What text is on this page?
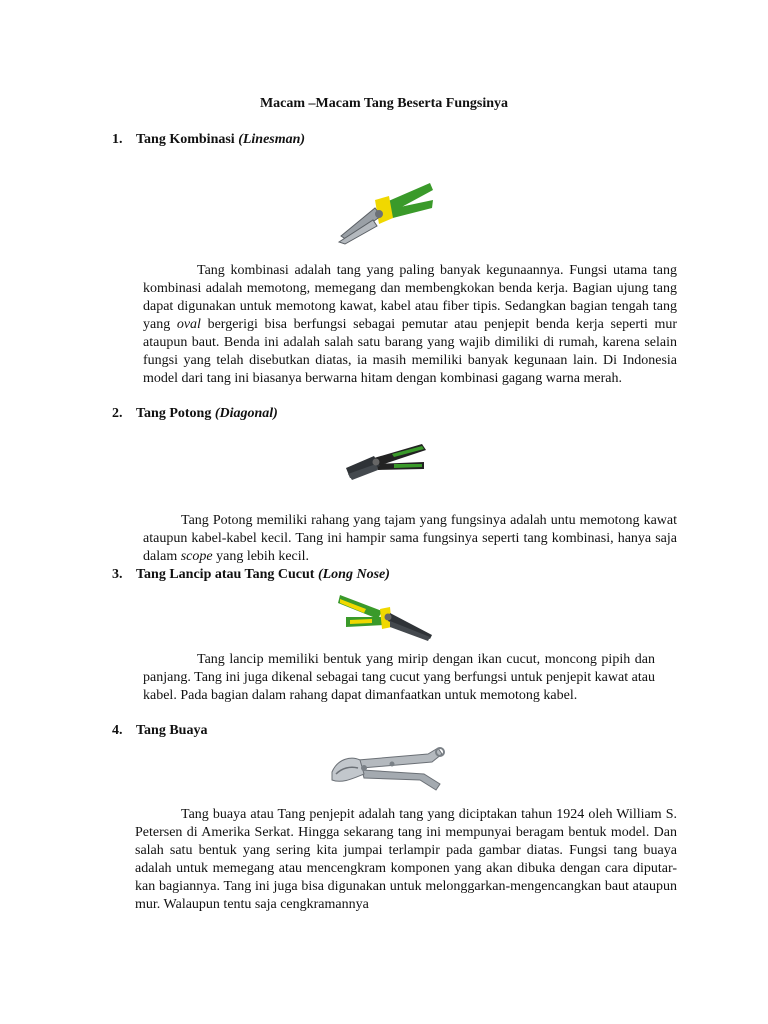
Macam –Macam Tang Beserta Fungsinya
1. Tang Kombinasi (Linesman)
Tang kombinasi adalah tang yang paling banyak kegunaannya. Fungsi utama tang kombinasi adalah memotong, memegang dan membengkokan benda kerja. Bagian ujung tang dapat digunakan untuk memotong kawat, kabel atau fiber tipis. Sedangkan bagian tengah tang yang oval bergerigi bisa berfungsi sebagai pemutar atau penjepit benda kerja seperti mur ataupun baut. Benda ini adalah salah satu barang yang wajib dimiliki di rumah, karena selain fungsi yang telah disebutkan diatas, ia masih memiliki banyak kegunaan lain. Di Indonesia model dari tang ini biasanya berwarna hitam dengan kombinasi gagang warna merah.
2. Tang Potong (Diagonal)
Tang Potong memiliki rahang yang tajam yang fungsinya adalah untu memotong kawat ataupun kabel-kabel kecil. Tang ini hampir sama fungsinya seperti tang kombinasi, hanya saja dalam scope yang lebih kecil.
3. Tang Lancip atau Tang Cucut (Long Nose)
Tang lancip memiliki bentuk yang mirip dengan ikan cucut, moncong pipih dan panjang. Tang ini juga dikenal sebagai tang cucut yang berfungsi untuk penjepit kawat atau kabel. Pada bagian dalam rahang dapat dimanfaatkan untuk memotong kabel.
4. Tang Buaya
Tang buaya atau Tang penjepit adalah tang yang diciptakan tahun 1924 oleh William S. Petersen di Amerika Serkat. Hingga sekarang tang ini mempunyai beragam bentuk model. Dan salah satu bentuk yang sering kita jumpai terlampir pada gambar diatas. Fungsi tang buaya adalah untuk memegang atau mencengkram komponen yang akan dibuka dengan cara diputar-kan bagiannya. Tang ini juga bisa digunakan untuk melonggarkan-mengencangkan baut ataupun mur. Walaupun tentu saja cengkramannya
